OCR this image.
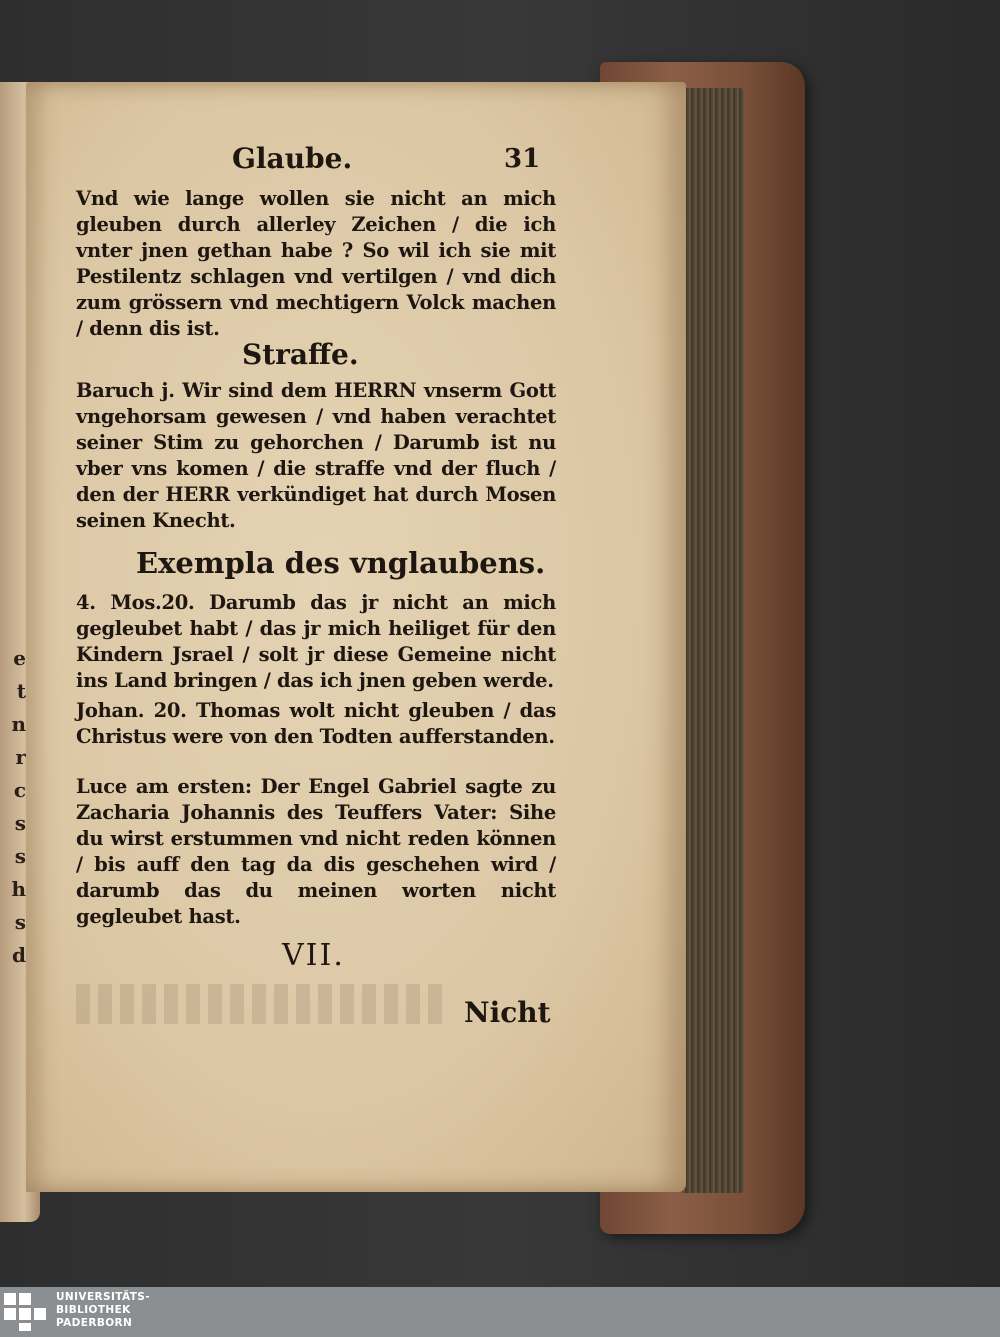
e
t
n
r
c
s
s
h
s
d
Glaube.	31
Vnd wie lange wollen sie nicht an mich gleuben durch allerley Zeichen / die ich vnter jnen gethan habe ? So wil ich sie mit Pestilentz schlagen vnd vertilgen / vnd dich zum grössern vnd mechtigern Volck machen / denn dis ist.
Straffe.
Baruch j. Wir sind dem HERRN vnserm Gott vngehorsam gewesen / vnd haben verachtet seiner Stim zu gehorchen / Darumb ist nu vber vns komen / die straffe vnd der fluch / den der HERR verkündiget hat durch Mosen seinen Knecht.
Exempla des vnglaubens.
4. Mos.20. Darumb das jr nicht an mich gegleubet habt / das jr mich heiliget für den Kindern Jsrael / solt jr diese Gemeine nicht ins Land bringen / das ich jnen geben werde.
Johan. 20. Thomas wolt nicht gleuben / das Christus were von den Todten aufferstanden.
Luce am ersten: Der Engel Gabriel sagte zu Zacharia Johannis des Teuffers Vater: Sihe du wirst erstummen vnd nicht reden können / bis auff den tag da dis geschehen wird / darumb das du meinen worten nicht gegleubet hast.
VII.
Nicht
UNIVERSITÄTS-
BIBLIOTHEK
PADERBORN
